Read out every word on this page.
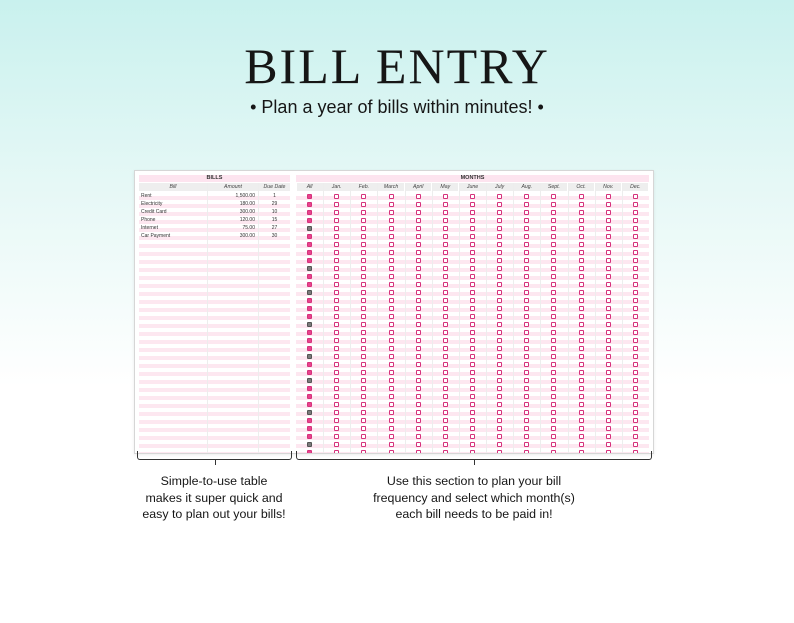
BILL ENTRY
• Plan a year of bills within minutes! •
BILLS
Bill	Amount	Due Date
MONTHS
Rent	1,500.00	1
Electricity	180.00	29
Credit Card	300.00	10
Phone	120.00	15
Internet	75.00	27
Car Payment	300.00	30
All	Jan.	Feb.	March	April	May	June	July	Aug.	Sept.	Oct.	Nov.	Dec.
Simple-to-use table
makes it super quick and
easy to plan out your bills!
Use this section to plan your bill
frequency and select which month(s)
each bill needs to be paid in!
